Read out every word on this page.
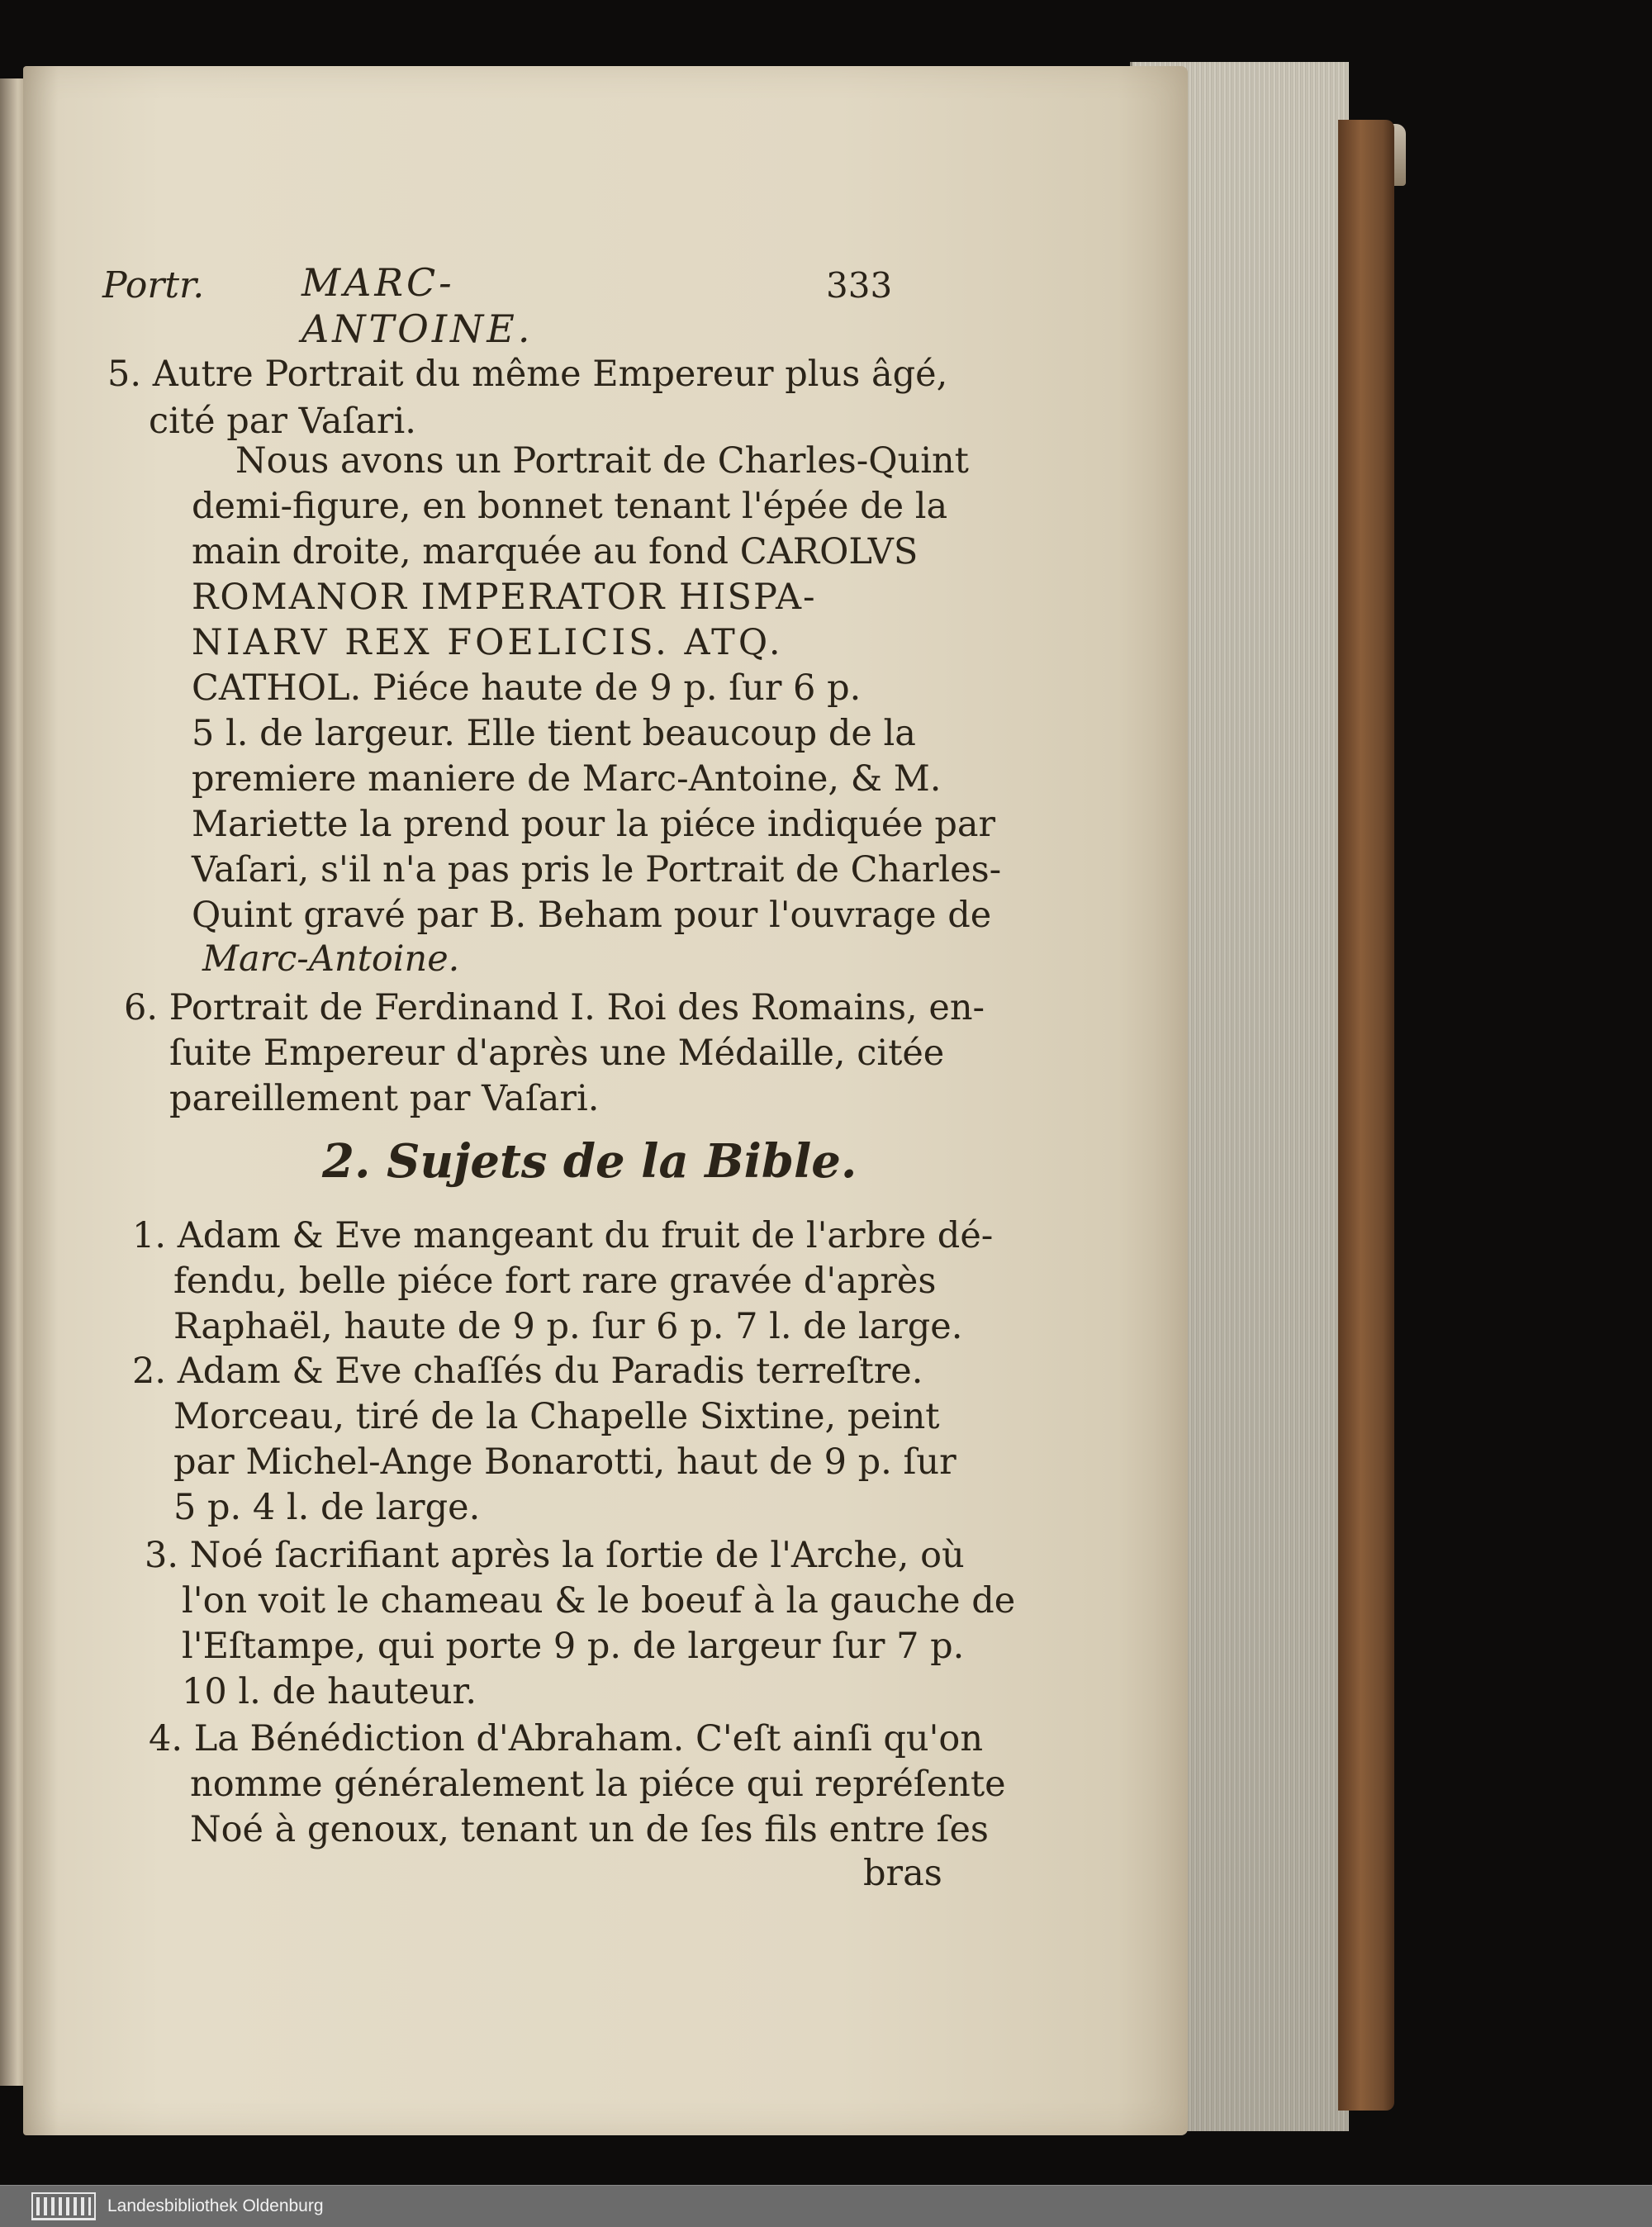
Portr.	MARC-ANTOINE.
333
5. Autre Portrait du même Empereur plus âgé,
cité par Vaſari.
Nous avons un Portrait de Charles-Quint
demi-figure, en bonnet tenant l'épée de la
main droite, marquée au fond CAROLVS
ROMANOR IMPERATOR HISPA-
NIARV REX FOELICIS. ATQ.
CATHOL. Piéce haute de 9 p. ſur 6 p.
5 l. de largeur. Elle tient beaucoup de la
premiere maniere de Marc-Antoine, & M.
Mariette la prend pour la piéce indiquée par
Vaſari, s'il n'a pas pris le Portrait de Charles-
Quint gravé par B. Beham pour l'ouvrage de
Marc-Antoine.
6. Portrait de Ferdinand I. Roi des Romains, en-
ſuite Empereur d'après une Médaille, citée
pareillement par Vaſari.
2. Sujets de la Bible.
1. Adam & Eve mangeant du fruit de l'arbre dé-
fendu, belle piéce fort rare gravée d'après
Raphaël, haute de 9 p. ſur 6 p. 7 l. de large.
2. Adam & Eve chaſſés du Paradis terreſtre.
Morceau, tiré de la Chapelle Sixtine, peint
par Michel-Ange Bonarotti, haut de 9 p. ſur
5 p. 4 l. de large.
3. Noé ſacrifiant après la ſortie de l'Arche, où
l'on voit le chameau & le boeuf à la gauche de
l'Eſtampe, qui porte 9 p. de largeur ſur 7 p.
10 l. de hauteur.
4. La Bénédiction d'Abraham. C'eſt ainſi qu'on
nomme généralement la piéce qui repréſente
Noé à genoux, tenant un de ſes fils entre ſes
bras
Landesbibliothek Oldenburg
